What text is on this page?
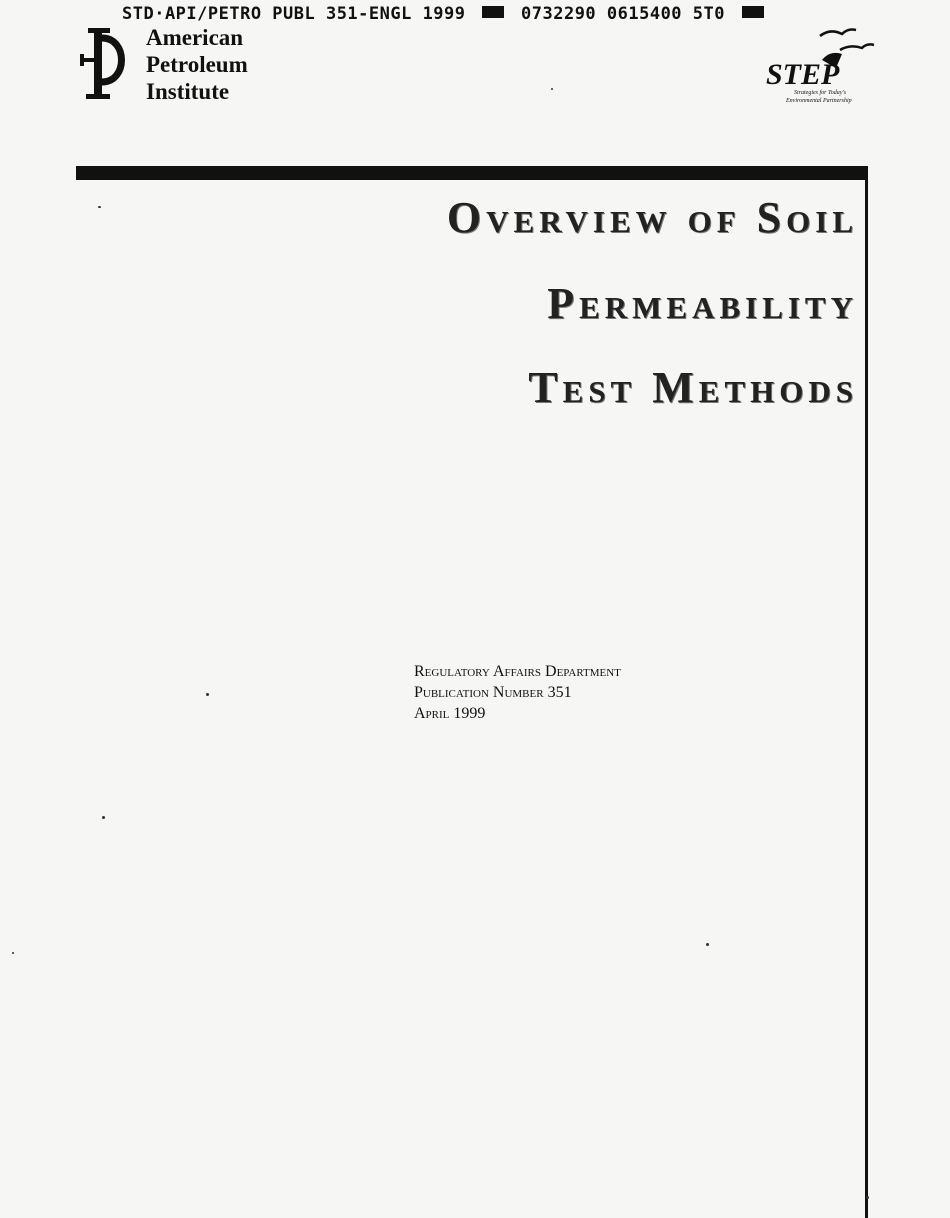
STD·API/PETRO PUBL 351-ENGL 1999	0732290 0615400 5T0
American
Petroleum
Institute
STEP
Strategies for Today's
Environmental Partnership
Overview of Soil
Permeability
Test Methods
Regulatory Affairs Department
Publication Number 351
April 1999
